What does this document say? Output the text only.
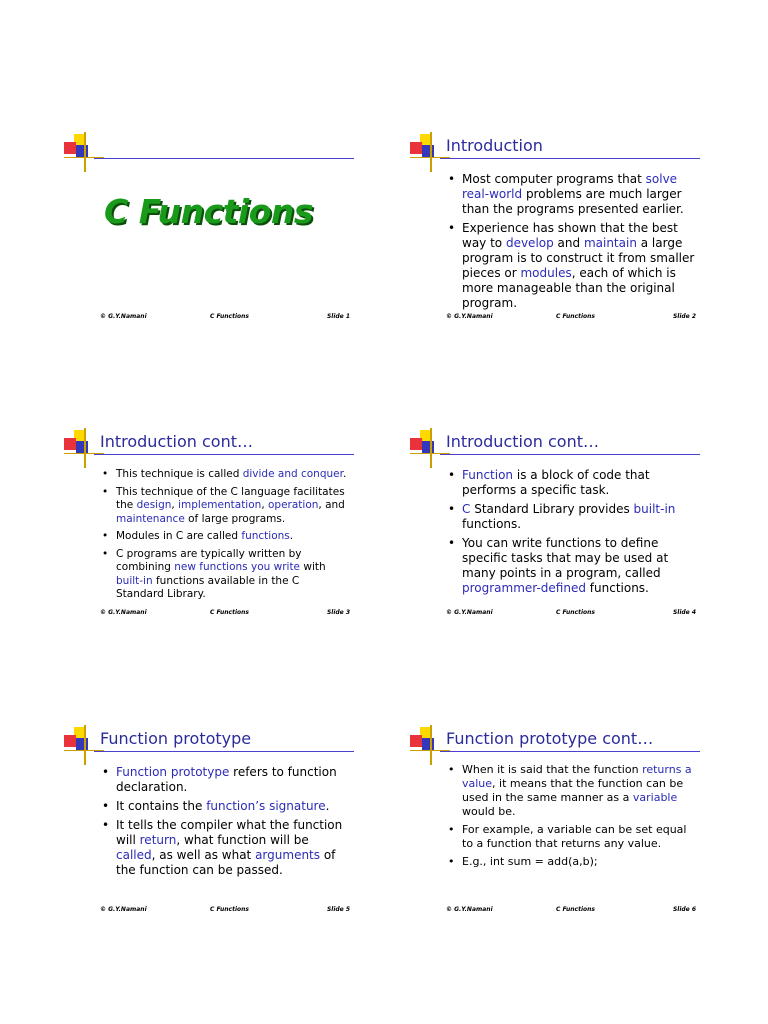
C Functions
© G.Y.Namani	C Functions	Slide 1
Introduction
• Most computer programs that solve real-world problems are much larger than the programs presented earlier.
• Experience has shown that the best way to develop and maintain a large program is to construct it from smaller pieces or modules, each of which is more manageable than the original program.
© G.Y.Namani	C Functions	Slide 2
Introduction cont…
• This technique is called divide and conquer.
• This technique of the C language facilitates the design, implementation, operation, and maintenance of large programs.
• Modules in C are called functions.
• C programs are typically written by combining new functions you write with built-in functions available in the C Standard Library.
© G.Y.Namani	C Functions	Slide 3
Introduction cont…
• Function is a block of code that performs a specific task.
• C Standard Library provides built-in functions.
• You can write functions to define specific tasks that may be used at many points in a program, called programmer-defined functions.
© G.Y.Namani	C Functions	Slide 4
Function prototype
• Function prototype refers to function declaration.
• It contains the function’s signature.
• It tells the compiler what the function will return, what function will be called, as well as what arguments of the function can be passed.
© G.Y.Namani	C Functions	Slide 5
Function prototype cont…
• When it is said that the function returns a value, it means that the function can be used in the same manner as a variable would be.
• For example, a variable can be set equal to a function that returns any value.
• E.g., int sum = add(a,b);
© G.Y.Namani	C Functions	Slide 6
